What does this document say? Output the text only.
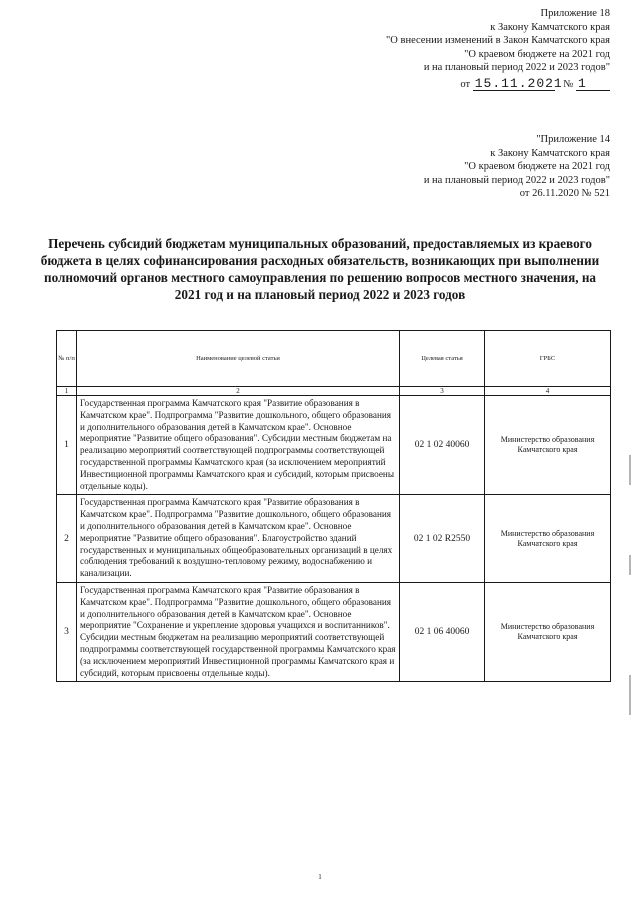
Приложение 18
к Закону Камчатского края
"О внесении изменений в Закон Камчатского края
"О краевом бюджете на 2021 год
и на плановый период 2022 и 2023 годов"
от 15.11.2021 № 1
"Приложение 14
к Закону Камчатского края
"О краевом бюджете на 2021 год
и на плановый период 2022 и 2023 годов"
от 26.11.2020 № 521
Перечень субсидий бюджетам муниципальных образований, предоставляемых из краевого бюджета в целях софинансирования расходных обязательств, возникающих при выполнении полномочий органов местного самоуправления по решению вопросов местного значения, на 2021 год и на плановый период 2022 и 2023 годов
№ п/п	Наименование целевой статьи	Целевая статья	ГРБС
1	2	3	4
1	Государственная программа Камчатского края "Развитие образования в Камчатском крае". Подпрограмма "Развитие дошкольного, общего образования и дополнительного образования детей в Камчатском крае". Основное мероприятие "Развитие общего образования". Субсидии местным бюджетам на реализацию мероприятий соответствующей подпрограммы соответствующей государственной программы Камчатского края (за исключением мероприятий Инвестиционной программы Камчатского края и субсидий, которым присвоены отдельные коды).	02 1 02 40060	Министерство образования Камчатского края
2	Государственная программа Камчатского края "Развитие образования в Камчатском крае". Подпрограмма "Развитие дошкольного, общего образования и дополнительного образования детей в Камчатском крае". Основное мероприятие "Развитие общего образования". Благоустройство зданий государственных и муниципальных общеобразовательных организаций в целях соблюдения требований к воздушно-тепловому режиму, водоснабжению и канализации.	02 1 02 R2550	Министерство образования Камчатского края
3	Государственная программа Камчатского края "Развитие образования в Камчатском крае". Подпрограмма "Развитие дошкольного, общего образования и дополнительного образования детей в Камчатском крае". Основное мероприятие "Сохранение и укрепление здоровья учащихся и воспитанников". Субсидии местным бюджетам на реализацию мероприятий соответствующей подпрограммы соответствующей государственной программы Камчатского края (за исключением мероприятий Инвестиционной программы Камчатского края и субсидий, которым присвоены отдельные коды).	02 1 06 40060	Министерство образования Камчатского края
1
